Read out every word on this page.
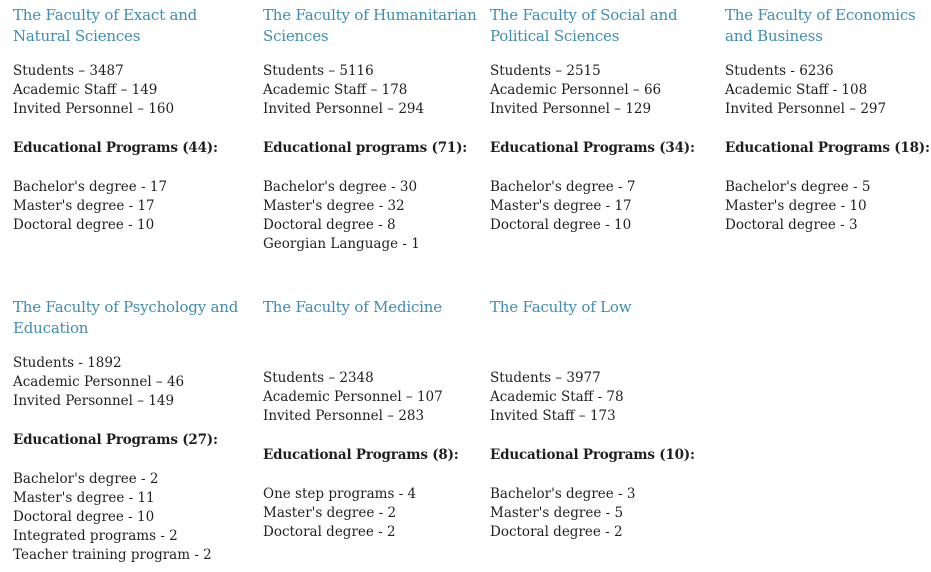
The Faculty of Exact and Natural Sciences
Students – 3487
Academic Staff – 149
Invited Personnel – 160
Educational Programs (44):
Bachelor's degree - 17
Master's degree - 17
Doctoral degree - 10
The Faculty of Humanitarian Sciences
Students – 5116
Academic Staff – 178
Invited Personnel – 294
Educational programs (71):
Bachelor's degree - 30
Master's degree - 32
Doctoral degree - 8
Georgian Language - 1
The Faculty of Social and Political Sciences
Students – 2515
Academic Personnel – 66
Invited Personnel – 129
Educational Programs (34):
Bachelor's degree - 7
Master's degree - 17
Doctoral degree - 10
The Faculty of Economics and Business
Students - 6236
Academic Staff - 108
Invited Personnel – 297
Educational Programs (18):
Bachelor's degree - 5
Master's degree - 10
Doctoral degree - 3
The Faculty of Psychology and Education
Students - 1892
Academic Personnel – 46
Invited Personnel – 149
Educational Programs (27):
Bachelor's degree - 2
Master's degree - 11
Doctoral degree - 10
Integrated programs - 2
Teacher training program - 2
The Faculty of Medicine
Students – 2348
Academic Personnel – 107
Invited Personnel – 283
Educational Programs (8):
One step programs - 4
Master's degree - 2
Doctoral degree - 2
The Faculty of Low
Students – 3977
Academic Staff - 78
Invited Staff – 173
Educational Programs (10):
Bachelor's degree - 3
Master's degree - 5
Doctoral degree - 2
